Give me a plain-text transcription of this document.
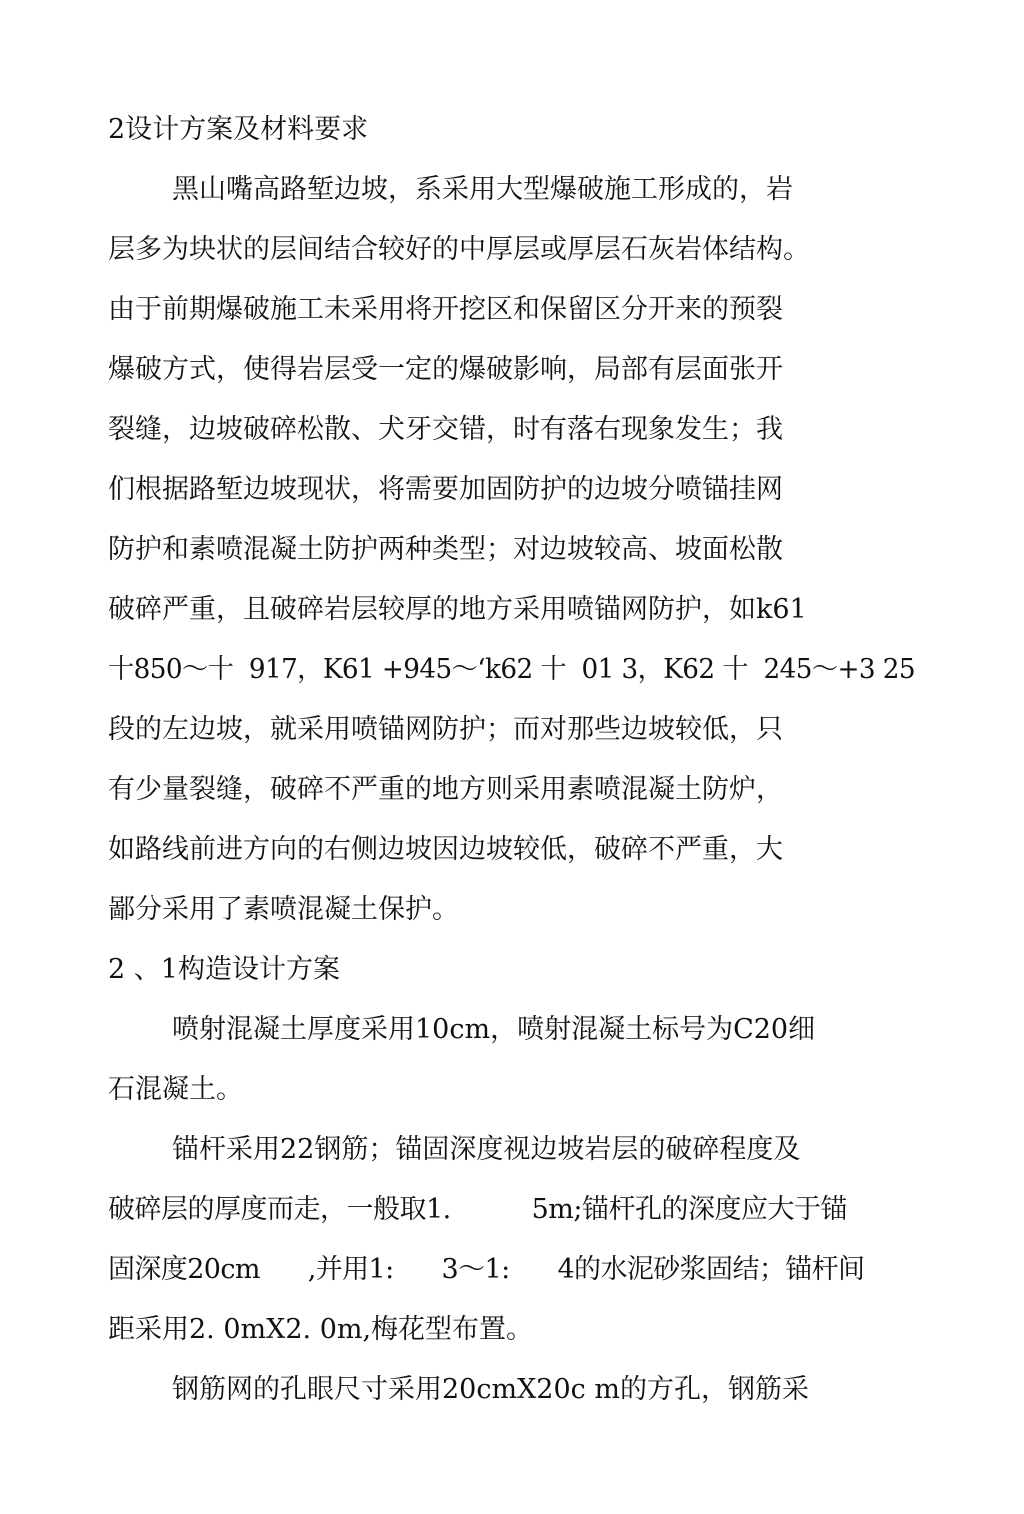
2设计方案及材料要求
黑山嘴高路堑边坡，系采用大型爆破施工形成的，岩
层多为块状的层间结合较好的中厚层或厚层石灰岩体结构。
由于前期爆破施工未采用将开挖区和保留区分开来的预裂
爆破方式，使得岩层受一定的爆破影响，局部有层面张开
裂缝，边坡破碎松散、犬牙交错，时有落右现象发生；我
们根据路堑边坡现状，将需要加固防护的边坡分喷锚挂网
防护和素喷混凝土防护两种类型；对边坡较高、坡面松散
破碎严重，且破碎岩层较厚的地方采用喷锚网防护，如k61
十850～十  917，K61 +945～‘k62 十  01 3，K62 十  245～+3 25
段的左边坡，就采用喷锚网防护；而对那些边坡较低，只
有少量裂缝，破碎不严重的地方则采用素喷混凝土防炉，
如路线前进方向的右侧边坡因边坡较低，破碎不严重，大
鄙分采用了素喷混凝土保护。
2 、1构造设计方案
喷射混凝土厚度采用10cm，喷射混凝土标号为C20细
石混凝土。
锚杆采用22钢筋；锚固深度视边坡岩层的破碎程度及
破碎层的厚度而走，一般取1.          5m;锚杆孔的深度应大于锚
固深度20cm      ,并用1:      3～1:      4的水泥砂浆固结；锚杆间
距采用2. 0mX2. 0m,梅花型布置。
钢筋网的孔眼尺寸采用20cmX20c m的方孔，钢筋采
